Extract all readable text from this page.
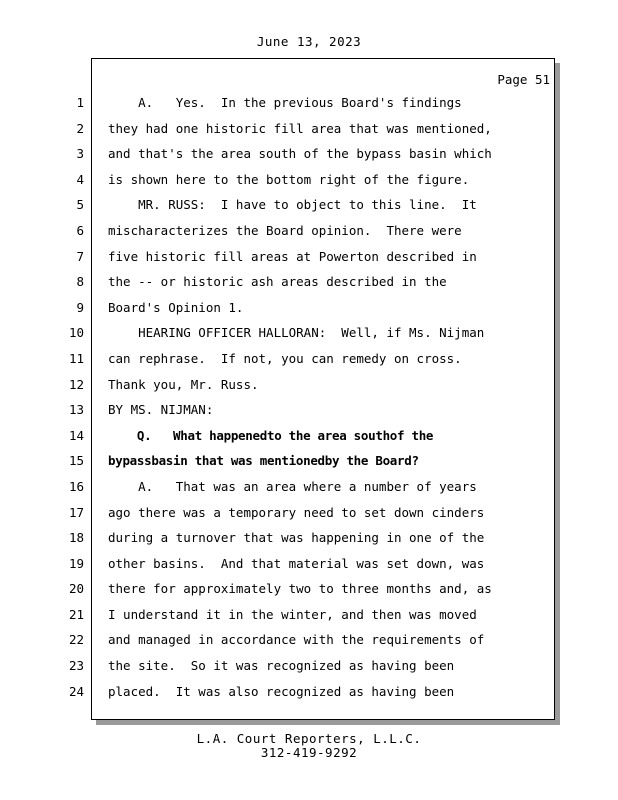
June 13, 2023
Page 51
1
2
3
4
5
6
7
8
9
10
11
12
13
14
15
16
17
18
19
20
21
22
23
24
A.   Yes.  In the previous Board's findings
they had one historic fill area that was mentioned,
and that's the area south of the bypass basin which
is shown here to the bottom right of the figure.
MR. RUSS:  I have to object to this line.  It
mischaracterizes the Board opinion.  There were
five historic fill areas at Powerton described in
the -- or historic ash areas described in the
Board's Opinion 1.
HEARING OFFICER HALLORAN:  Well, if Ms. Nijman
can rephrase.  If not, you can remedy on cross.
Thank you, Mr. Russ.
BY MS. NIJMAN:
Q.   What happenedto the area southof the
bypassbasin that was mentionedby the Board?
A.   That was an area where a number of years
ago there was a temporary need to set down cinders
during a turnover that was happening in one of the
other basins.  And that material was set down, was
there for approximately two to three months and, as
I understand it in the winter, and then was moved
and managed in accordance with the requirements of
the site.  So it was recognized as having been
placed.  It was also recognized as having been
L.A. Court Reporters, L.L.C.
312-419-9292
